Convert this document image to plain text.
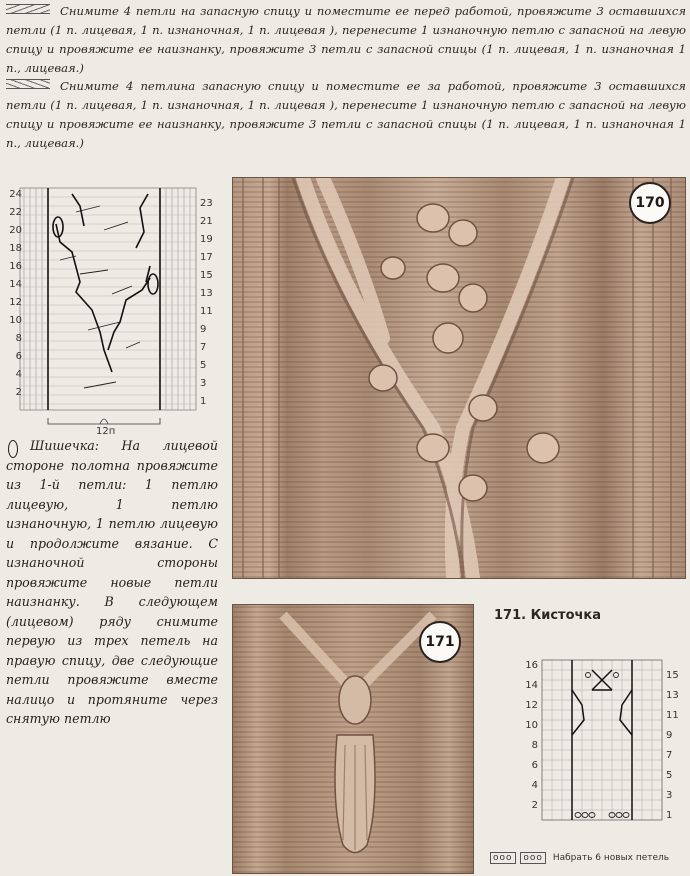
Снимите 4 петли на запасную спицу и поместите ее перед работой, провяжите 3 оставшихся петли (1 п. лицевая, 1 п. изнаночная, 1 п. лицевая ), перенесите 1 изнаночную петлю с запасной на левую спицу и провяжите ее наизнанку, провяжите 3 петли с запасной спицы (1 п. лицевая, 1 п. изнаночная 1 п., лицевая.)
Снимите 4 петлина запасную спицу и поместите ее за работой, провяжите 3 оставшихся петли (1 п. лицевая, 1 п. изнаночная, 1 п. лицевая ), перенесите 1 изнаночную петлю с запасной на левую спицу и провяжите ее наизнанку, провяжите 3 петли с запасной спицы (1 п. лицевая, 1 п. изнаночная 1 п., лицевая.)
24
22
20
18
16
14
12
10
8
6
4
2
23
21
19
17
15
13
11
9
7
5
3
1
12п
170
Шишечка: На лицевой стороне полотна провяжите из 1-й петли: 1 петлю лицевую, 1 петлю изнаночную, 1 петлю лицевую и продолжите вязание. С изнаночной стороны провяжите новые петли наизнанку. В следующем (лицевом) ряду снимите первую из трех петель на правую спицу, две следующие петли провяжите вместе налицо и протяните через снятую петлю
171
171. Кисточка
16
14
12
10
8
6
4
2
15
13
11
9
7
5
3
1
ooo ooo Набрать 6 новых петель
